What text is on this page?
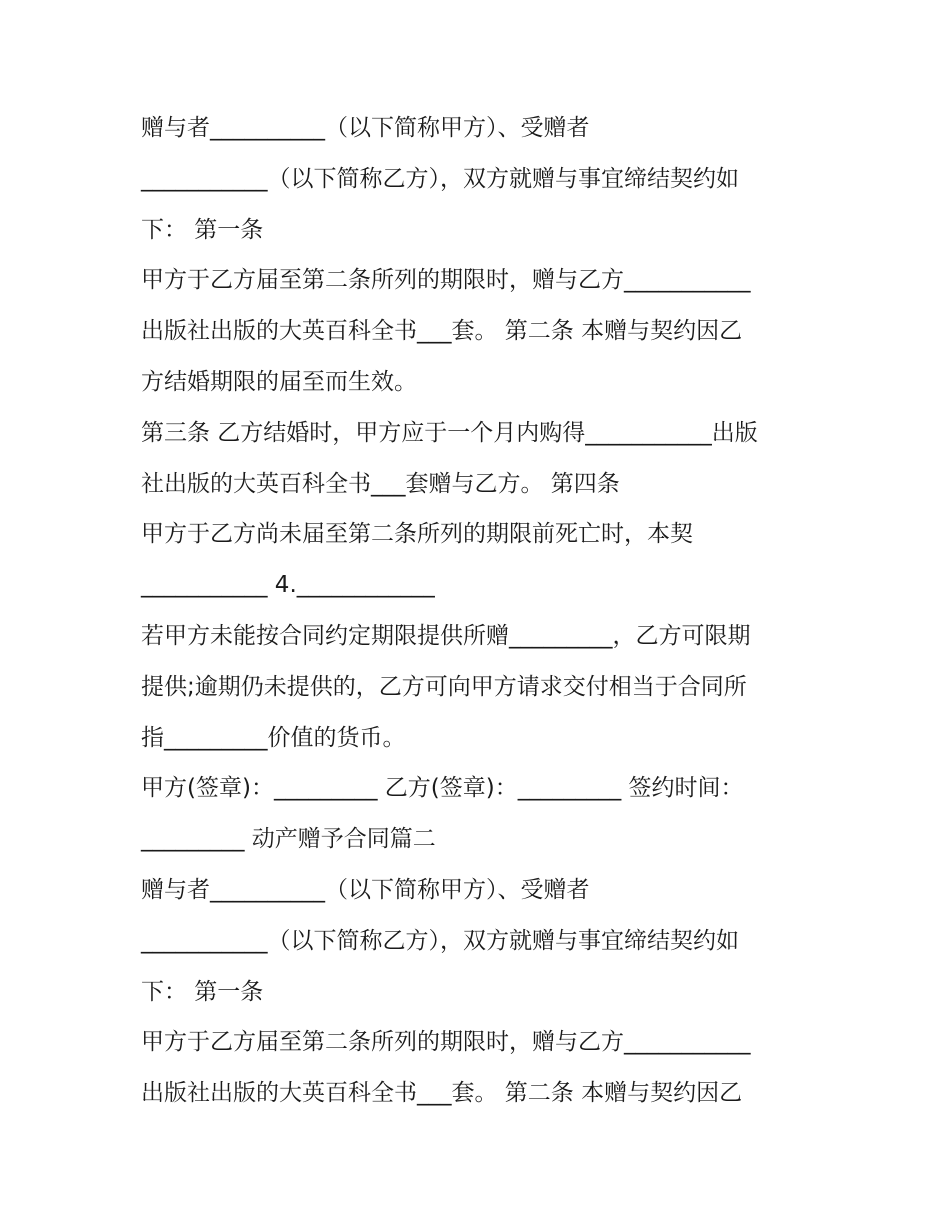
赠与者__________（以下简称甲方）、受赠者
___________（以下简称乙方），双方就赠与事宜缔结契约如
下： 第一条
甲方于乙方届至第二条所列的期限时，赠与乙方___________
出版社出版的大英百科全书___套。 第二条 本赠与契约因乙
方结婚期限的届至而生效。
第三条 乙方结婚时，甲方应于一个月内购得___________出版
社出版的大英百科全书___套赠与乙方。 第四条
甲方于乙方尚未届至第二条所列的期限前死亡时，本契
___________ 4.____________
若甲方未能按合同约定期限提供所赠_________，乙方可限期
提供;逾期仍未提供的，乙方可向甲方请求交付相当于合同所
指_________价值的货币。
甲方(签章)：_________ 乙方(签章)：_________ 签约时间：
_________ 动产赠予合同篇二
赠与者__________（以下简称甲方）、受赠者
___________（以下简称乙方），双方就赠与事宜缔结契约如
下： 第一条
甲方于乙方届至第二条所列的期限时，赠与乙方___________
出版社出版的大英百科全书___套。 第二条 本赠与契约因乙
